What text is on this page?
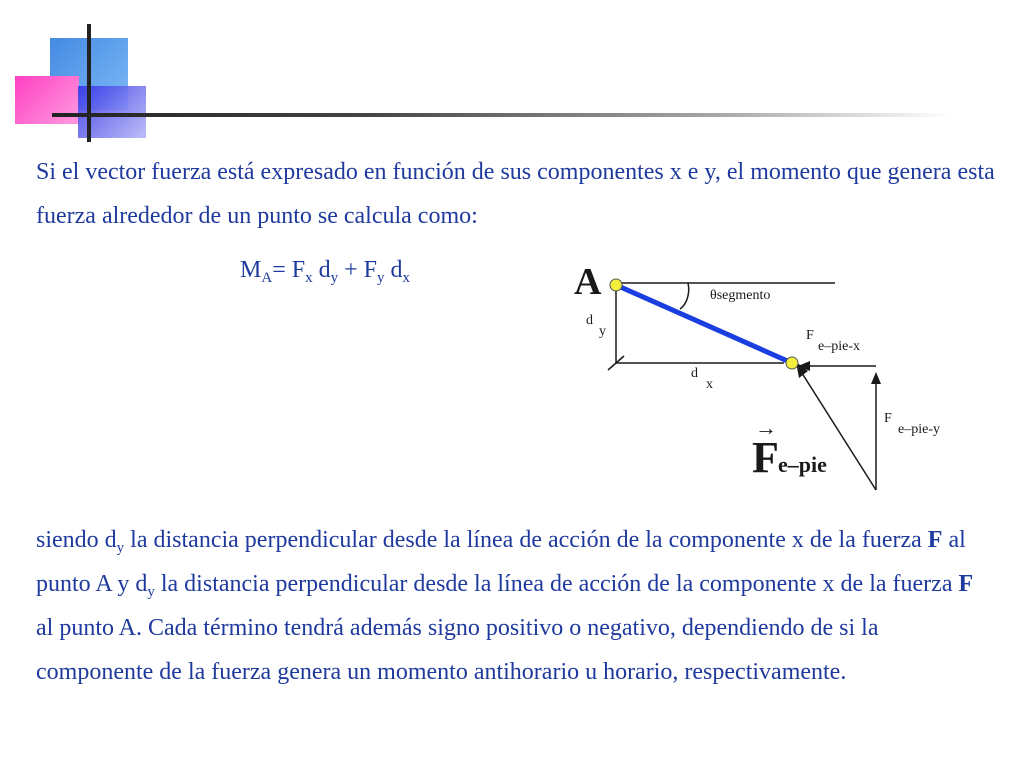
Si el vector fuerza está expresado en función de sus componentes x e y, el momento que genera esta fuerza alrededor de un punto se calcula como:

$M_A= F_x$ $d_y + F_y$ $d_x$	A	θsegmento
d
y
d
x
F
e–pie-x
F
e–pie-y
→
F e–pie

siendo $d_y$ la distancia perpendicular desde la línea de acción de la componente x de la fuerza F al punto A y $d_y$ la distancia perpendicular desde la línea de acción de la componente x de la fuerza F al punto A. Cada término tendrá además signo positivo o negativo, dependiendo de si la componente de la fuerza genera un momento antihorario u horario, respectivamente.
